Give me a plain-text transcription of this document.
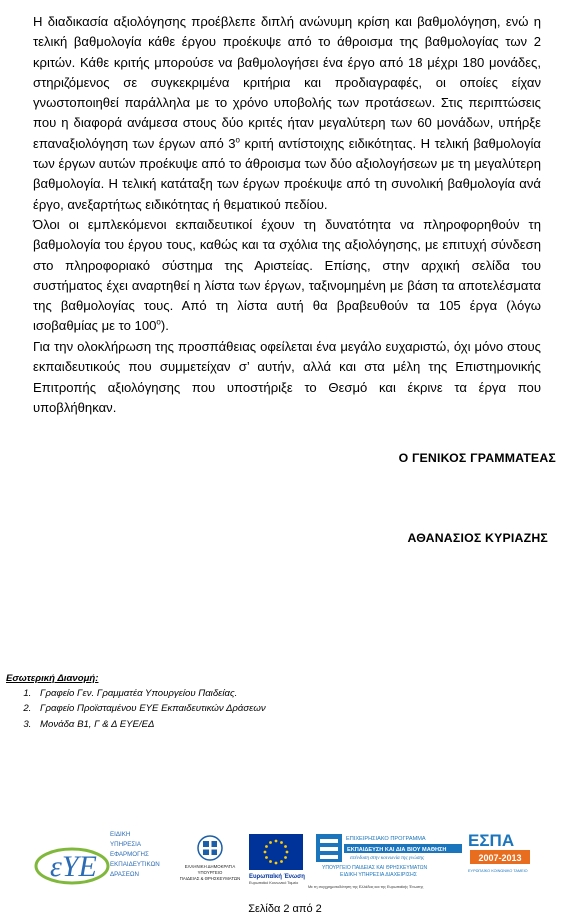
Η διαδικασία αξιολόγησης προέβλεπε διπλή ανώνυμη κρίση και βαθμολόγηση, ενώ η τελική βαθμολογία κάθε έργου προέκυψε από το άθροισμα της βαθμολογίας των 2 κριτών. Κάθε κριτής μπορούσε να βαθμολογήσει ένα έργο από 18 μέχρι 180 μονάδες, στηριζόμενος σε συγκεκριμένα κριτήρια και προδιαγραφές, οι οποίες είχαν γνωστοποιηθεί παράλληλα με το χρόνο υποβολής των προτάσεων. Στις περιπτώσεις που η διαφορά ανάμεσα στους δύο κριτές ήταν μεγαλύτερη των 60 μονάδων, υπήρξε επαναξιολόγηση των έργων από $3^o$ κριτή αντίστοιχης ειδικότητας. Η τελική βαθμολογία των έργων αυτών προέκυψε από το άθροισμα των δύο αξιολογήσεων με τη μεγαλύτερη βαθμολογία. Η τελική κατάταξη των έργων προέκυψε από τη συνολική βαθμολογία ανά έργο, ανεξαρτήτως ειδικότητας ή θεματικού πεδίου.

Όλοι οι εμπλεκόμενοι εκπαιδευτικοί έχουν τη δυνατότητα να πληροφορηθούν τη βαθμολογία του έργου τους, καθώς και τα σχόλια της αξιολόγησης, με επιτυχή σύνδεση στο πληροφοριακό σύστημα της Αριστείας. Επίσης, στην αρχική σελίδα του συστήματος έχει αναρτηθεί η λίστα των έργων, ταξινομημένη με βάση τα αποτελέσματα της βαθμολογίας τους. Από τη λίστα αυτή θα βραβευθούν τα 105 έργα (λόγω ισοβαθμίας με το $100^o$).

Για την ολοκλήρωση της προσπάθειας οφείλεται ένα μεγάλο ευχαριστώ, όχι μόνο στους εκπαιδευτικούς που συμμετείχαν σ’ αυτήν, αλλά και στα μέλη της Επιστημονικής Επιτροπής αξιολόγησης που υποστήριξε το Θεσμό και έκρινε τα έργα που υποβλήθηκαν.

Ο ΓΕΝΙΚΟΣ ΓΡΑΜΜΑΤΕΑΣ
ΑΘΑΝΑΣΙΟΣ ΚΥΡΙΑΖΗΣ
Εσωτερική Διανομή:
1. Γραφείο Γεν. Γραμματέα Υπουργείου Παιδείας.
2. Γραφείο Προϊσταμένου ΕΥΕ Εκπαιδευτικών Δράσεων
3. Μονάδα Β1, Γ & Δ ΕΥΕ/ΕΔ
εΥΕ
ΕΙΔΙΚΗ
ΥΠΗΡΕΣΙΑ
ΕΦΑΡΜΟΓΗΣ
ΕΚΠΑΙΔΕΥΤΙΚΩΝ
ΔΡΑΣΕΩΝ
ΕΛΛΗΝΙΚΗ ΔΗΜΟΚΡΑΤΙΑ
ΥΠΟΥΡΓΕΙΟ
ΠΑΙΔΕΙΑΣ & ΘΡΗΣΚΕΥΜΑΤΩΝ Ευρωπαϊκή Ένωση
Ευρωπαϊκό Κοινωνικό Ταμείο
ΕΠΙΧΕΙΡΗΣΙΑΚΟ ΠΡΟΓΡΑΜΜΑ
ΕΚΠΑΙΔΕΥΣΗ ΚΑΙ ΔΙΑ ΒΙΟΥ ΜΑΘΗΣΗ
επένδυση στην κοινωνία της γνώσης
ΥΠΟΥΡΓΕΙΟ ΠΑΙΔΕΙΑΣ ΚΑΙ ΘΡΗΣΚΕΥΜΑΤΩΝ
ΕΙΔΙΚΗ ΥΠΗΡΕΣΙΑ ΔΙΑΧΕΙΡΙΣΗΣ
Με τη συγχρηματοδότηση της Ελλάδας και της Ευρωπαϊκής Ένωσης
ΕΣΠΑ
2007-2013
ΕΥΡΩΠΑΪΚΟ ΚΟΙΝΩΝΙΚΟ ΤΑΜΕΙΟ
Σελίδα 2 από 2
